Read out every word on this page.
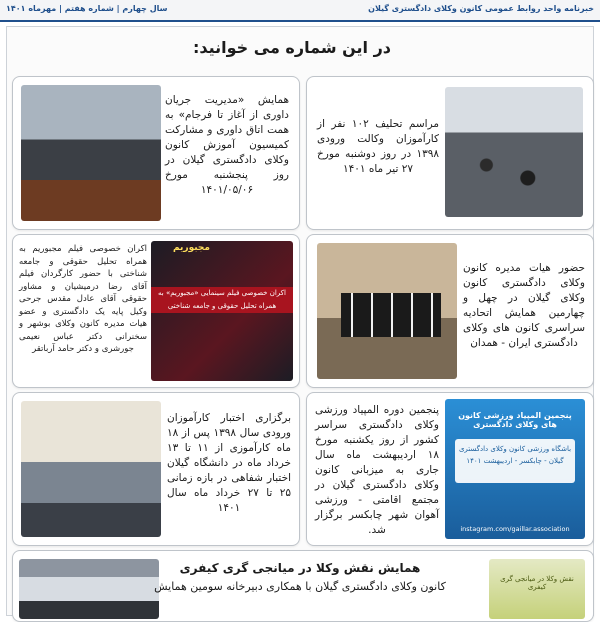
سال چهارم | شماره هفتم | مهرماه ۱۴۰۱	خبرنامه واحد روابط عمومی کانون وکلای دادگستری گیلان
در این شماره می خوانید:
مراسم تحلیف ۱۰۲ نفر از کارآموزان وکالت ورودی ۱۳۹۸ در روز دوشنبه مورخ ۲۷ تیر ماه ۱۴۰۱
همایش «مدیریت جریان داوری از آغاز تا فرجام» به همت اتاق داوری و مشارکت کمیسیون آموزش کانون وکلای دادگستری گیلان در روز پنجشنبه مورخ ۱۴۰۱/۰۵/۰۶
حضور هیات مدیره کانون وکلای دادگستری کانون وکلای گیلان در چهل و چهارمین همایش اتحادیه سراسری کانون های وکلای دادگستری ایران - همدان
مجبوریم
اکران خصوصی فیلم سینمایی «مجبوریم» به همراه تحلیل حقوقی و جامعه شناختی
اکران خصوصی فیلم مجبوریم به همراه تحلیل حقوقی و جامعه شناختی با حضور کارگردان فیلم آقای رضا درمیشیان و مشاور حقوقی آقای عادل مقدس جرحی وکیل پایه یک دادگستری و عضو هیات مدیره کانون وکلای بوشهر و سخنرانی دکتر عباس نعیمی جورشری و دکتر حامد آرباتقر
پنجمین المپیاد ورزشی کانون های وکلای دادگستری
باشگاه ورزشی کانون وکلای دادگستری گیلان - چابکسر - اردیبهشت ۱۴۰۱
instagram.com/gaillar.association
پنجمین دوره المپیاد ورزشی وکلای دادگستری سراسر کشور از روز یکشنبه مورخ ۱۸ اردیبهشت ماه سال جاری به میزبانی کانون وکلای دادگستری گیلان در مجتمع اقامتی - ورزشی آهوان شهر چابکسر برگزار شد.
برگزاری اختبار کارآموزان ورودی سال ۱۳۹۸ پس از ۱۸ ماه کارآموزی از ۱۱ تا ۱۳ خرداد ماه در دانشگاه گیلان اختبار شفاهی در بازه زمانی ۲۵ تا ۲۷ خرداد ماه سال ۱۴۰۱
نقش وکلا در میانجی گری کیفری
همایش نقش وکلا در میانجی گری کیفری
کانون وکلای دادگستری گیلان با همکاری دبیرخانه سومین همایش
